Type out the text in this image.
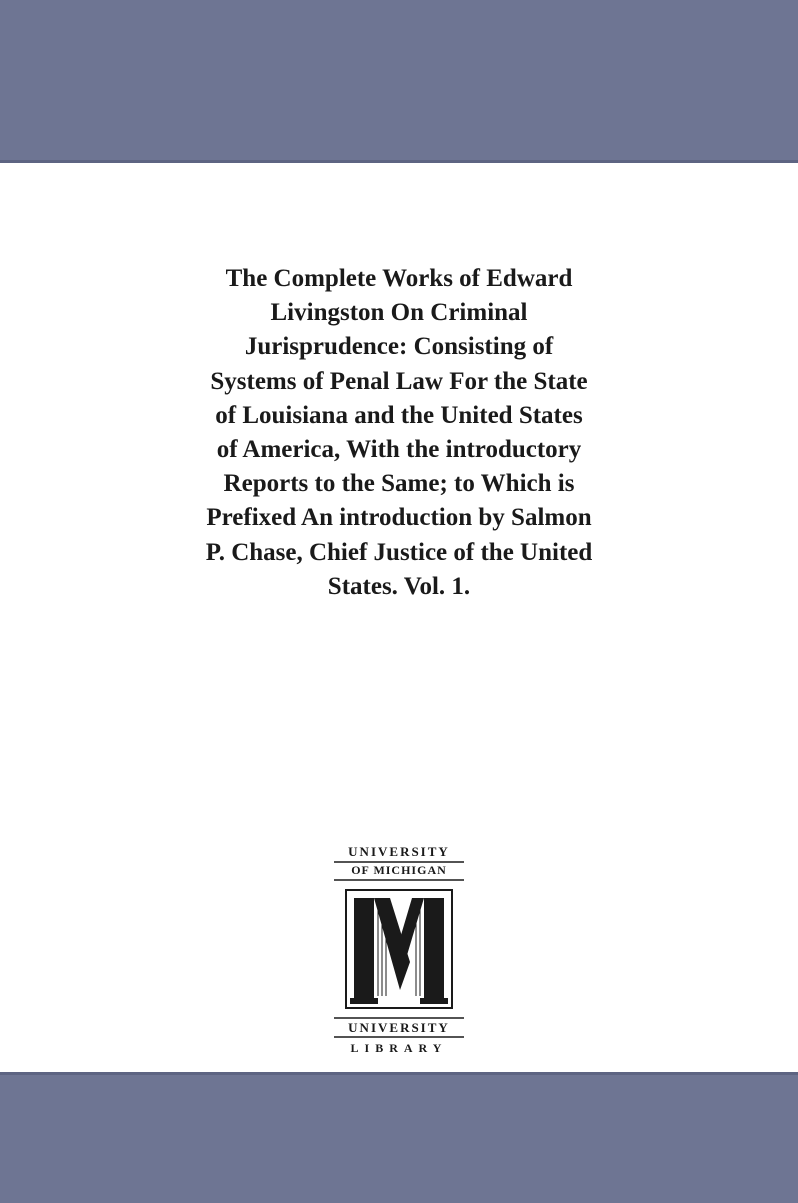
The Complete Works of Edward
Livingston On Criminal
Jurisprudence: Consisting of
Systems of Penal Law For the State
of Louisiana and the United States
of America, With the introductory
Reports to the Same; to Which is
Prefixed An introduction by Salmon
P. Chase, Chief Justice of the United
States. Vol. 1.
UNIVERSITY
OF MICHIGAN
UNIVERSITY
LIBRARY
